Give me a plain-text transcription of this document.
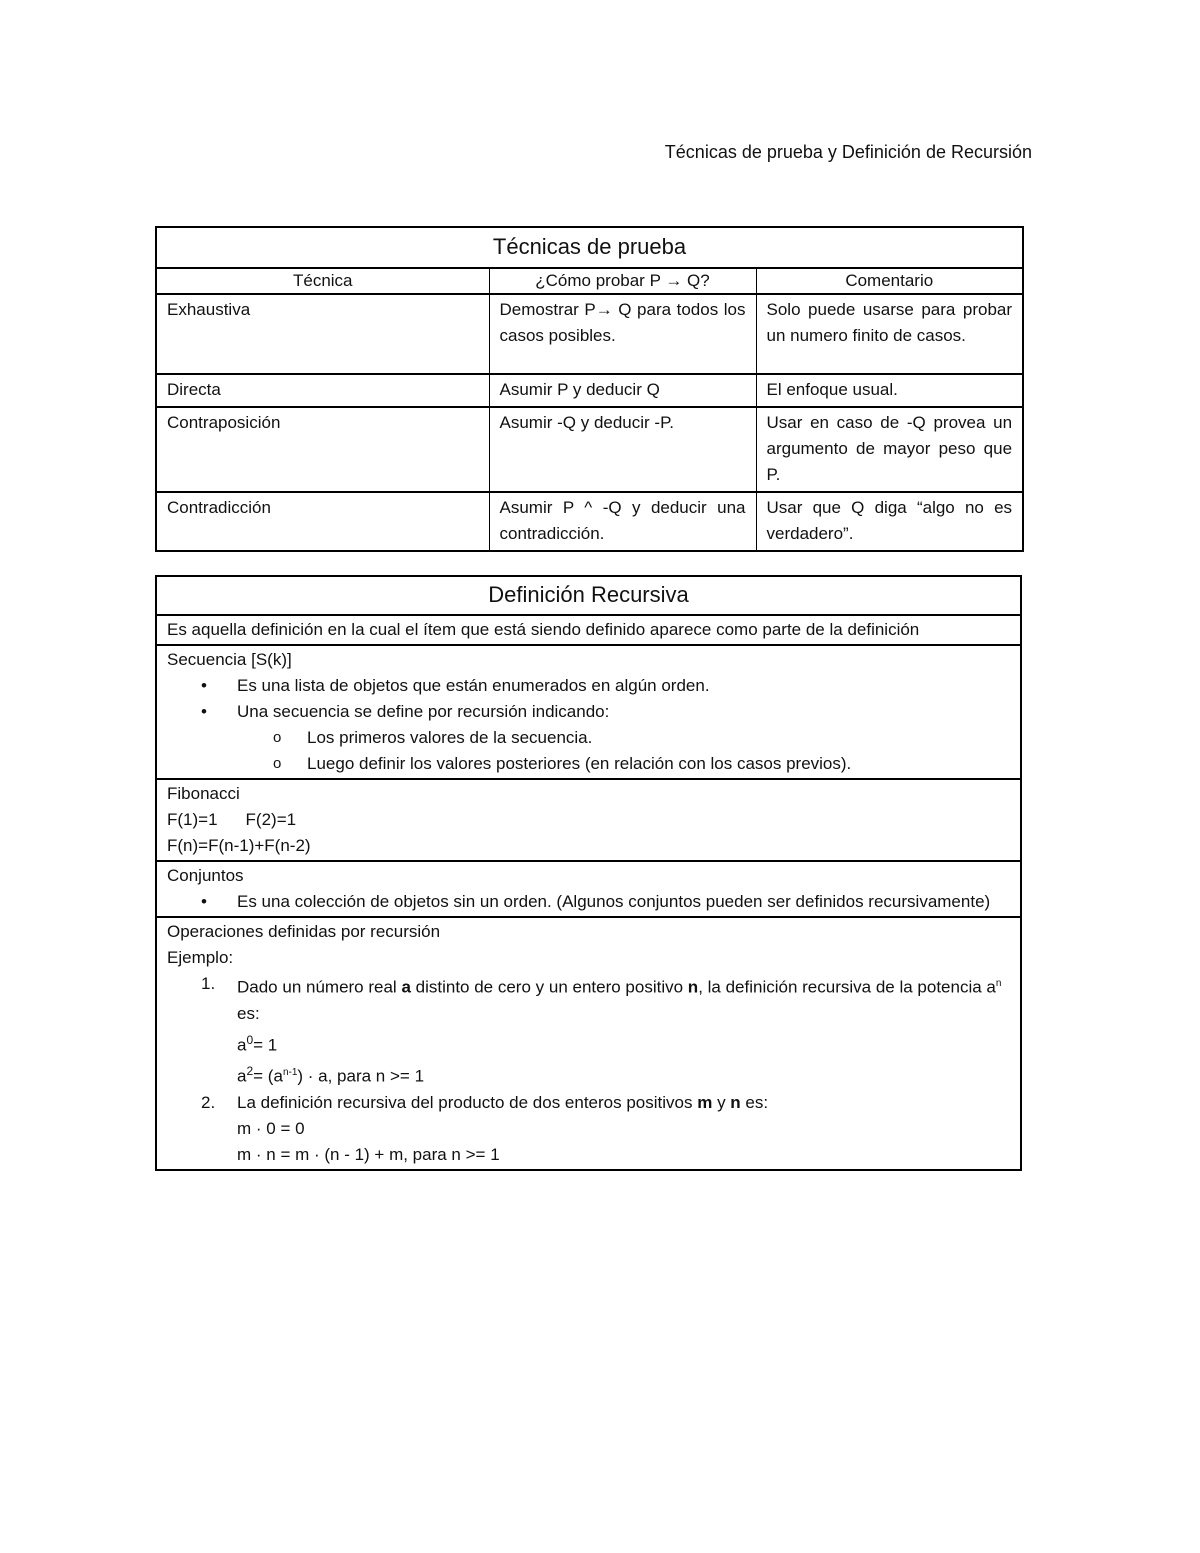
Técnicas de prueba y Definición de Recursión
Técnicas de prueba		
Técnica	¿Cómo probar P → Q?	Comentario
Exhaustiva	Demostrar P→ Q para todos los casos posibles.	Solo puede usarse para probar un numero finito de casos.
Directa	Asumir P y deducir Q	El enfoque usual.
Contraposición	Asumir -Q y deducir -P.	Usar en caso de -Q provea un argumento de mayor peso que P.
Contradicción	Asumir P ^ -Q y deducir una contradicción.	Usar que Q diga “algo no es verdadero”.
Definición Recursiva
Es aquella definición en la cual el ítem que está siendo definido aparece como parte de la definición

Secuencia [S(k)]
• Es una lista de objetos que están enumerados en algún orden.
• Una secuencia se define por recursión indicando:
o Los primeros valores de la secuencia.
o Luego definir los valores posteriores (en relación con los casos previos).

Fibonacci
F(1)=1 F(2)=1
F(n)=F(n-1)+F(n-2)

Conjuntos
• Es una colección de objetos sin un orden. (Algunos conjuntos pueden ser definidos recursivamente)

Operaciones definidas por recursión
Ejemplo:
1. Dado un número real a distinto de cero y un entero positivo n, la definición recursiva de la potencia $a^n$ es:
$a^0= 1$
$a^2= (a^{n-1}) \cdot a$, para n >= 1
2. La definición recursiva del producto de dos enteros positivos m y n es:
m · 0 = 0
m · n = m · (n - 1) + m, para n >= 1
